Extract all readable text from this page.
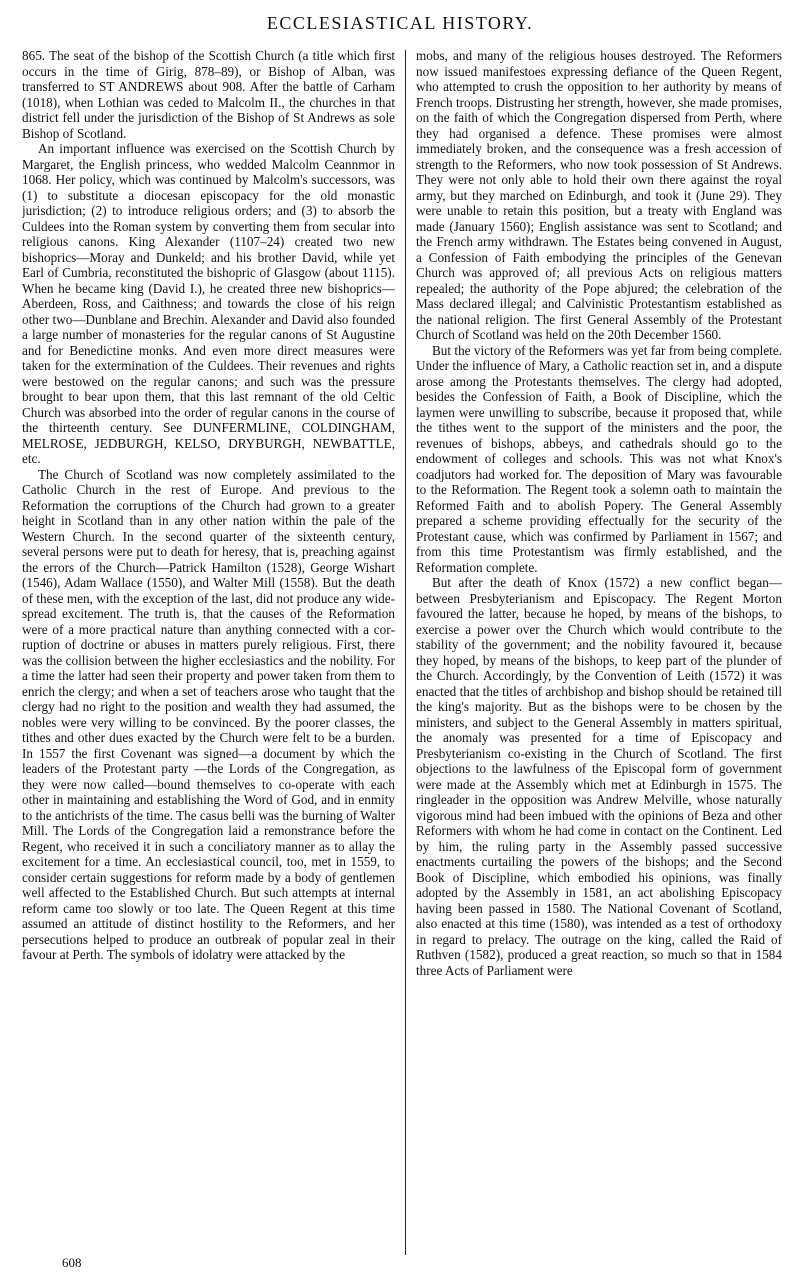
ECCLESIASTICAL HISTORY.

865. The seat of the bishop of the Scottish Church (a title which first occurs in the time of Girig, 878–89), or Bishop of Alban, was transferred to ST ANDREWS about 908. After the battle of Carham (1018), when Lothian was ceded to Malcolm II., the churches in that district fell under the jurisdiction of the Bishop of St Andrews as sole Bishop of Scotland.

An important influence was exercised on the Scottish Church by Margaret, the English princess, who wedded Malcolm Ceannmor in 1068. Her policy, which was continued by Malcolm's successors, was (1) to substitute a diocesan episcopacy for the old monastic jurisdiction; (2) to introduce religious orders; and (3) to absorb the Culdees into the Roman system by converting them from secular into religious canons. King Alexander (1107–24) created two new bishoprics—Moray and Dunkeld; and his brother David, while yet Earl of Cumbria, reconstituted the bishopric of Glasgow (about 1115). When he became king (David I.), he created three new bishoprics—Aberdeen, Ross, and Caithness; and towards the close of his reign other two—Dunblane and Brechin. Alexander and David also founded a large number of monasteries for the regular canons of St Augustine and for Benedictine monks. And even more direct measures were taken for the extermination of the Culdees. Their revenues and rights were bestowed on the regular canons; and such was the pressure brought to bear upon them, that this last remnant of the old Celtic Church was absorbed into the order of regular canons in the course of the thirteenth century. See DUNFERMLINE, COLDINGHAM, MELROSE, JEDBURGH, KELSO, DRYBURGH, NEWBATTLE, etc.

The Church of Scotland was now completely assimilated to the Catholic Church in the rest of Europe. And previous to the Reformation the corruptions of the Church had grown to a greater height in Scotland than in any other nation within the pale of the Western Church. In the second quarter of the sixteenth century, several persons were put to death for heresy, that is, preaching against the errors of the Church—Patrick Hamilton (1528), George Wishart (1546), Adam Wallace (1550), and Walter Mill (1558). But the death of these men, with the exception of the last, did not produce any wide-spread excitement. The truth is, that the causes of the Reformation were of a more practical nature than anything connected with a corruption of doctrine or abuses in matters purely religious. First, there was the collision between the higher ecclesiastics and the nobility. For a time the latter had seen their property and power taken from them to enrich the clergy; and when a set of teachers arose who taught that the clergy had no right to the position and wealth they had assumed, the nobles were very willing to be convinced. By the poorer classes, the tithes and other dues exacted by the Church were felt to be a burden. In 1557 the first Covenant was signed—a document by which the leaders of the Protestant party —the Lords of the Congregation, as they were now called—bound themselves to co-operate with each other in maintaining and establishing the Word of God, and in enmity to the antichrists of the time. The casus belli was the burning of Walter Mill. The Lords of the Congregation laid a remonstrance before the Regent, who received it in such a conciliatory manner as to allay the excitement for a time. An ecclesiastical council, too, met in 1559, to consider certain suggestions for reform made by a body of gentlemen well affected to the Established Church. But such attempts at internal reform came too slowly or too late. The Queen Regent at this time assumed an attitude of distinct hostility to the Reformers, and her persecutions helped to produce an outbreak of popular zeal in their favour at Perth. The symbols of idolatry were attacked by the

mobs, and many of the religious houses destroyed. The Reformers now issued manifestoes expressing defiance of the Queen Regent, who attempted to crush the opposition to her authority by means of French troops. Distrusting her strength, however, she made promises, on the faith of which the Congregation dispersed from Perth, where they had organised a defence. These promises were almost immediately broken, and the consequence was a fresh accession of strength to the Reformers, who now took possession of St Andrews. They were not only able to hold their own there against the royal army, but they marched on Edinburgh, and took it (June 29). They were unable to retain this position, but a treaty with England was made (January 1560); English assistance was sent to Scotland; and the French army withdrawn. The Estates being convened in August, a Confession of Faith embodying the principles of the Genevan Church was approved of; all previous Acts on religious matters repealed; the authority of the Pope abjured; the celebration of the Mass declared illegal; and Calvinistic Protestantism established as the national religion. The first General Assembly of the Protestant Church of Scotland was held on the 20th December 1560.

But the victory of the Reformers was yet far from being complete. Under the influence of Mary, a Catholic reaction set in, and a dispute arose among the Protestants themselves. The clergy had adopted, besides the Confession of Faith, a Book of Discipline, which the laymen were unwilling to subscribe, because it proposed that, while the tithes went to the support of the ministers and the poor, the revenues of bishops, abbeys, and cathedrals should go to the endowment of colleges and schools. This was not what Knox's coadjutors had worked for. The deposition of Mary was favourable to the Reformation. The Regent took a solemn oath to maintain the Reformed Faith and to abolish Popery. The General Assembly prepared a scheme providing effectually for the security of the Protestant cause, which was confirmed by Parliament in 1567; and from this time Protestantism was firmly established, and the Reformation complete.

But after the death of Knox (1572) a new conflict began—between Presbyterianism and Episcopacy. The Regent Morton favoured the latter, because he hoped, by means of the bishops, to exercise a power over the Church which would contribute to the stability of the government; and the nobility favoured it, because they hoped, by means of the bishops, to keep part of the plunder of the Church. Accordingly, by the Convention of Leith (1572) it was enacted that the titles of archbishop and bishop should be retained till the king's majority. But as the bishops were to be chosen by the ministers, and subject to the General Assembly in matters spiritual, the anomaly was presented for a time of Episcopacy and Presbyterianism co-existing in the Church of Scotland. The first objections to the lawfulness of the Episcopal form of government were made at the Assembly which met at Edinburgh in 1575. The ringleader in the opposition was Andrew Melville, whose naturally vigorous mind had been imbued with the opinions of Beza and other Reformers with whom he had come in contact on the Continent. Led by him, the ruling party in the Assembly passed successive enactments curtailing the powers of the bishops; and the Second Book of Discipline, which embodied his opinions, was finally adopted by the Assembly in 1581, an act abolishing Episcopacy having been passed in 1580. The National Covenant of Scotland, also enacted at this time (1580), was intended as a test of orthodoxy in regard to prelacy. The outrage on the king, called the Raid of Ruthven (1582), produced a great reaction, so much so that in 1584 three Acts of Parliament were

608
